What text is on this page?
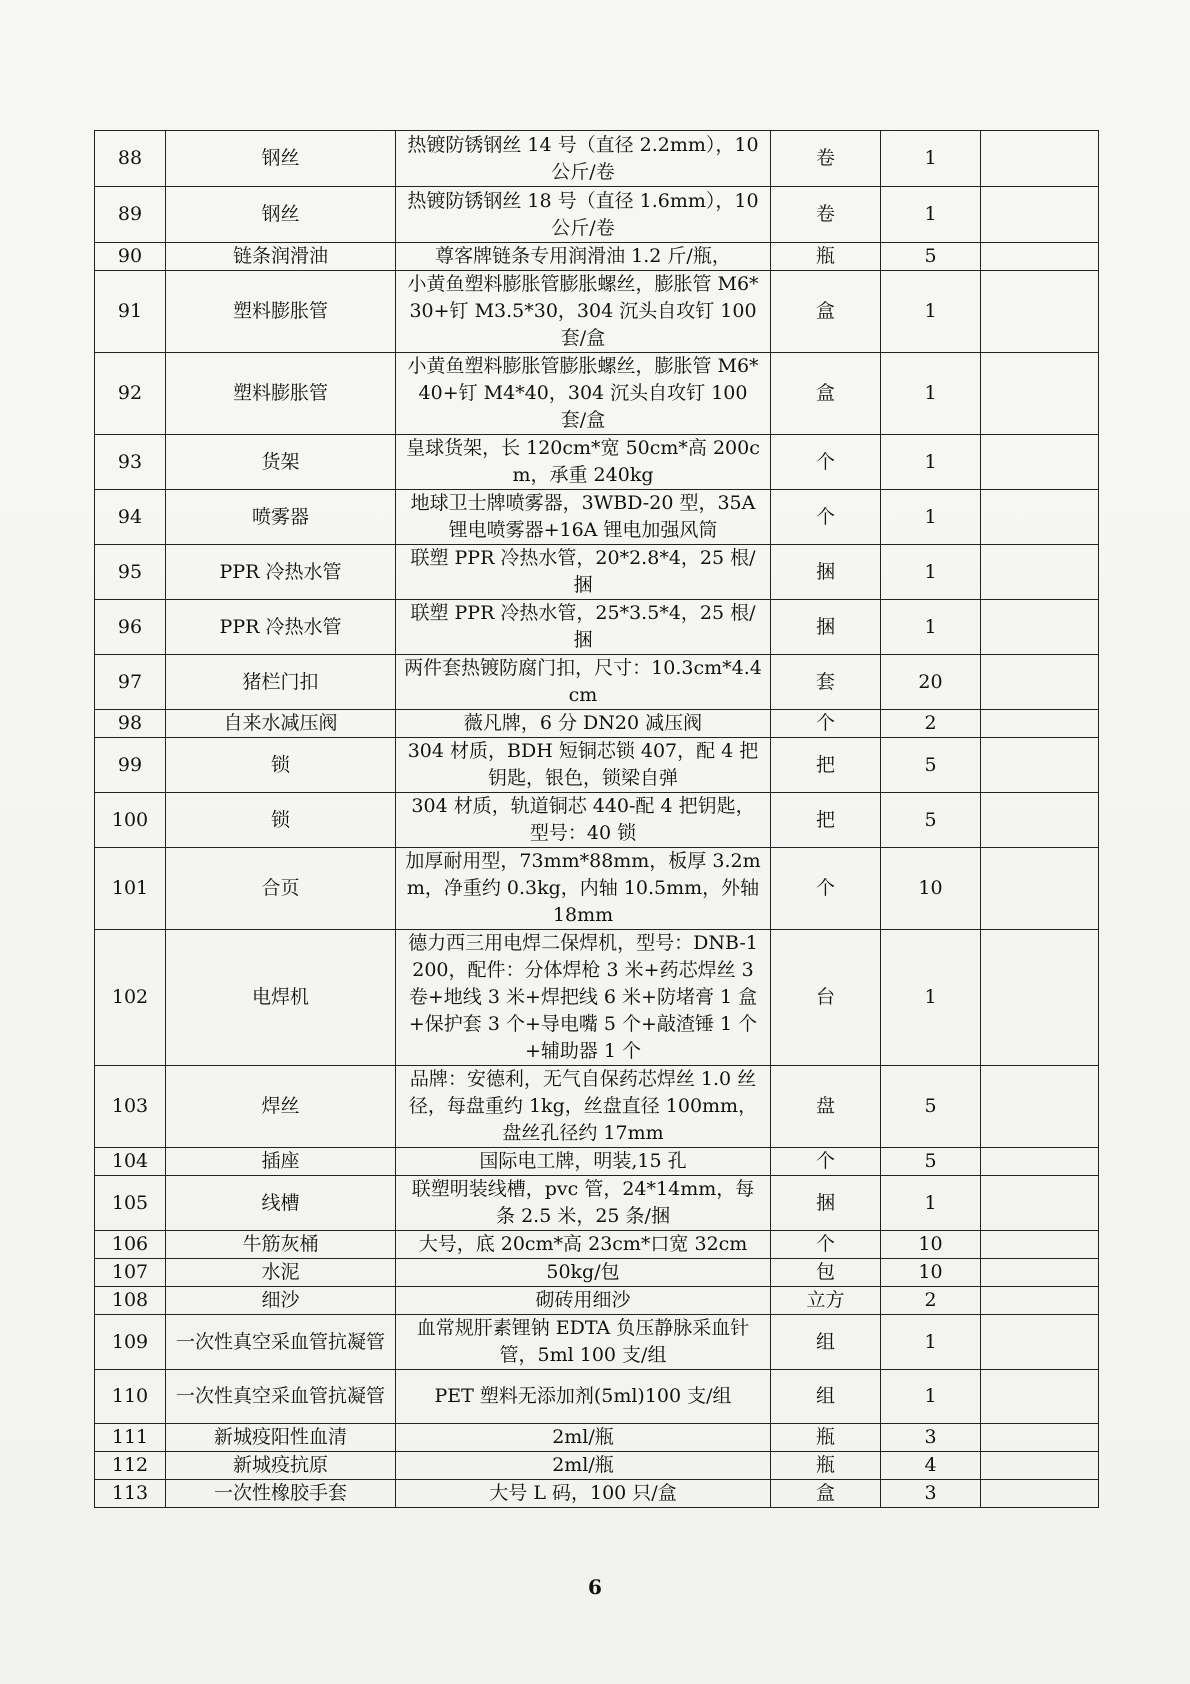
88	钢丝	热镀防锈钢丝 14 号（直径 2.2mm），10 公斤/卷	卷	1	
89	钢丝	热镀防锈钢丝 18 号（直径 1.6mm），10 公斤/卷	卷	1	
90	链条润滑油	尊客牌链条专用润滑油 1.2 斤/瓶，	瓶	5	
91	塑料膨胀管	小黄鱼塑料膨胀管膨胀螺丝，膨胀管 M6*30+钉 M3.5*30，304 沉头自攻钉 100 套/盒	盒	1	
92	塑料膨胀管	小黄鱼塑料膨胀管膨胀螺丝，膨胀管 M6*40+钉 M4*40，304 沉头自攻钉 100 套/盒	盒	1	
93	货架	皇球货架，长 120cm*宽 50cm*高 200cm，承重 240kg	个	1	
94	喷雾器	地球卫士牌喷雾器，3WBD-20 型，35A 锂电喷雾器+16A 锂电加强风筒	个	1	
95	PPR 冷热水管	联塑 PPR 冷热水管，20*2.8*4，25 根/捆	捆	1	
96	PPR 冷热水管	联塑 PPR 冷热水管，25*3.5*4，25 根/捆	捆	1	
97	猪栏门扣	两件套热镀防腐门扣，尺寸：10.3cm*4.4cm	套	20	
98	自来水减压阀	薇凡牌，6 分 DN20 减压阀	个	2	
99	锁	304 材质，BDH 短铜芯锁 407，配 4 把钥匙，银色，锁梁自弹	把	5	
100	锁	304 材质，轨道铜芯 440-配 4 把钥匙，型号：40 锁	把	5	
101	合页	加厚耐用型，73mm*88mm，板厚 3.2mm，净重约 0.3kg，内轴 10.5mm，外轴 18mm	个	10	
102	电焊机	德力西三用电焊二保焊机，型号：DNB-1200，配件：分体焊枪 3 米+药芯焊丝 3 卷+地线 3 米+焊把线 6 米+防堵膏 1 盒+保护套 3 个+导电嘴 5 个+敲渣锤 1 个+辅助器 1 个	台	1	
103	焊丝	品牌：安德利，无气自保药芯焊丝 1.0 丝径，每盘重约 1kg，丝盘直径 100mm，盘丝孔径约 17mm	盘	5	
104	插座	国际电工牌，明装,15 孔	个	5	
105	线槽	联塑明装线槽，pvc 管，24*14mm，每条 2.5 米，25 条/捆	捆	1	
106	牛筋灰桶	大号，底 20cm*高 23cm*口宽 32cm	个	10	
107	水泥	50kg/包	包	10	
108	细沙	砌砖用细沙	立方	2	
109	一次性真空采血管抗凝管	血常规肝素锂钠 EDTA 负压静脉采血针管，5ml 100 支/组	组	1	
110	一次性真空采血管抗凝管	PET 塑料无添加剂(5ml)100 支/组	组	1	
111	新城疫阳性血清	2ml/瓶	瓶	3	
112	新城疫抗原	2ml/瓶	瓶	4	
113	一次性橡胶手套	大号 L 码，100 只/盒	盒	3	
6
